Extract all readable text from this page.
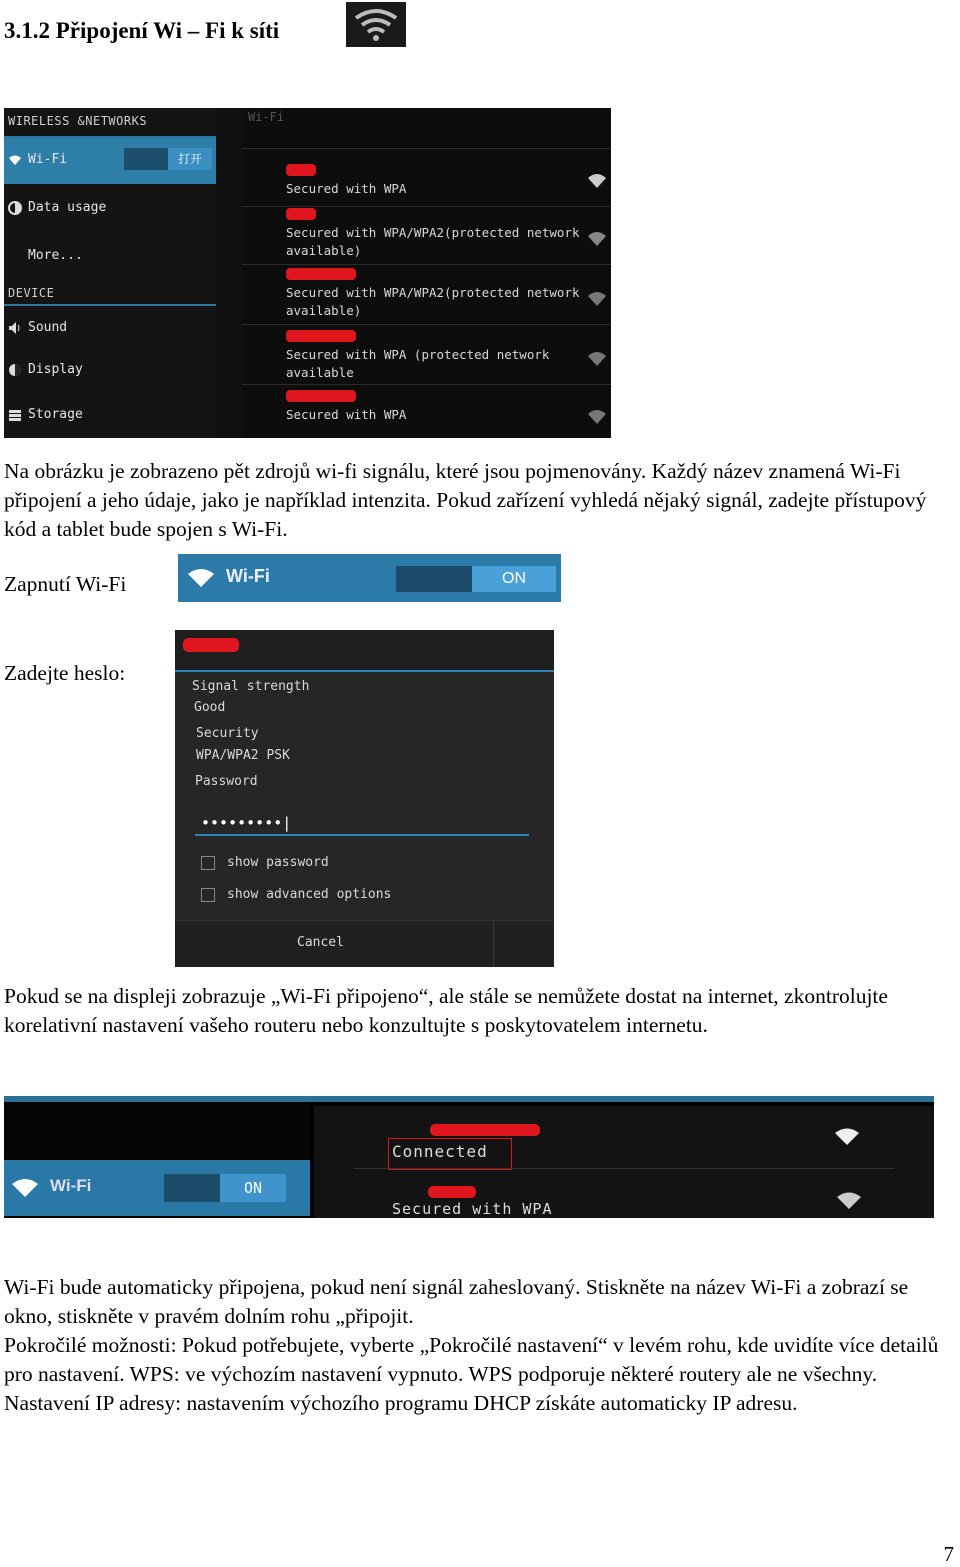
3.1.2 Připojení Wi – Fi k síti
WIRELESS &NETWORKS
Wi-Fi	打开
Data usage
More...
DEVICE
Sound
Display
Storage
Wi-Fi
Secured with WPA
Secured with WPA/WPA2(protected network available)
Secured with WPA/WPA2(protected network available)
Secured with WPA (protected network available
Secured with WPA
Na obrázku je zobrazeno pět zdrojů wi-fi signálu, které jsou pojmenovány. Každý název znamená Wi-Fi připojení a jeho údaje, jako je například intenzita. Pokud zařízení vyhledá nějaký signál, zadejte přístupový kód a tablet bude spojen s Wi-Fi.
Zapnutí Wi-Fi	Wi-Fi	ON
Zadejte heslo:
Signal strength
Good
Security
WPA/WPA2 PSK
Password
•••••••••|
show password
show advanced options
Cancel
Pokud se na displeji zobrazuje „Wi-Fi připojeno“, ale stále se nemůžete dostat na internet, zkontrolujte korelativní nastavení vašeho routeru nebo konzultujte s poskytovatelem internetu.
Wi-Fi	ON
Connected
Secured with WPA
Wi-Fi bude automaticky připojena, pokud není signál zaheslovaný. Stiskněte na název Wi-Fi a zobrazí se okno, stiskněte v pravém dolním rohu „připojit.
Pokročilé možnosti: Pokud potřebujete, vyberte „Pokročilé nastavení“ v levém rohu, kde uvidíte více detailů pro nastavení. WPS: ve výchozím nastavení vypnuto. WPS podporuje některé routery ale ne všechny. Nastavení IP adresy: nastavením výchozího programu DHCP získáte automaticky IP adresu.
7
